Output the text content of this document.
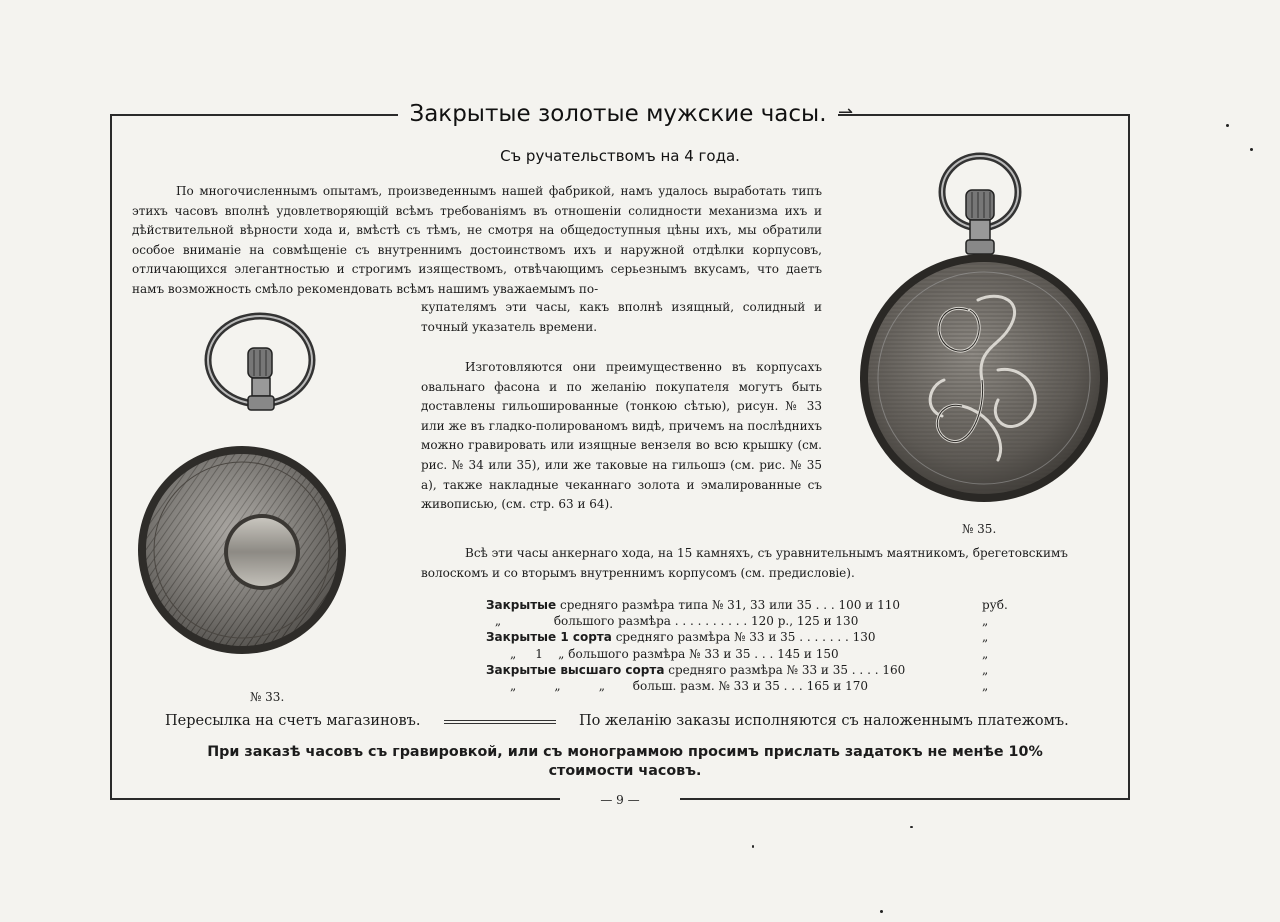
Закрытые золотые мужские часы. ⇀
Съ ручательствомъ на 4 года.
По многочисленнымъ опытамъ, произведеннымъ нашей фабрикой, намъ удалось выработать типъ этихъ часовъ вполнѣ удовлетворяющій всѣмъ требованіямъ въ отношеніи солидности механизма ихъ и дѣйствительной вѣрности хода и, вмѣстѣ съ тѣмъ, не смотря на общедоступныя цѣны ихъ, мы обратили особое вниманіе на совмѣщеніе съ внутреннимъ достоинствомъ ихъ и наружной отдѣлки корпусовъ, отличающихся элегантностью и строгимъ изяществомъ, отвѣчающимъ серьезнымъ вкусамъ, что даетъ намъ возможность смѣло рекомендовать всѣмъ нашимъ уважаемымъ по-
купателямъ эти часы, какъ вполнѣ изящный, солидный и точный указатель времени.
Изготовляются они преимущественно въ корпусахъ овальнаго фасона и по желанію покупателя могутъ быть доставлены гильошированные (тонкою сѣтью), рисун. № 33 или же въ гладко-полированомъ видѣ, причемъ на послѣднихъ можно гравировать или изящные вензеля во всю крышку (см. рис. № 34 или 35), или же таковые на гильошэ (см. рис. № 35 а), также накладные чеканнаго золота и эмалированные съ живописью, (см. стр. 63 и 64).
№ 33.
№ 35.
Всѣ эти часы анкернаго хода, на 15 камняхъ, съ уравнительнымъ маятникомъ, брегетовскимъ волоскомъ и со вторымъ внутреннимъ корпусомъ (см. предисловіе).
Закрытые средняго размѣра типа № 31, 33 или 35 . . . 100 и 110	руб.
„	большого размѣра . . . . . . . . . . 120 р., 125 и 130	„
Закрытые 1 сорта средняго размѣра № 33 и 35 . . . . . . . 130	„
„     1    „ большого размѣра № 33 и 35 . . . 145 и 150	„
Закрытые высшаго сорта средняго размѣра № 33 и 35 . . . . 160	„
„          „          „ больш. разм. № 33 и 35 . . . 165 и 170	„
Пересылка на счетъ магазиновъ.	По желанію заказы исполняются съ наложеннымъ платежомъ.
При заказѣ часовъ съ гравировкой, или съ монограммою просимъ прислать задатокъ не менѣе 10%
стоимости часовъ.
— 9 —
